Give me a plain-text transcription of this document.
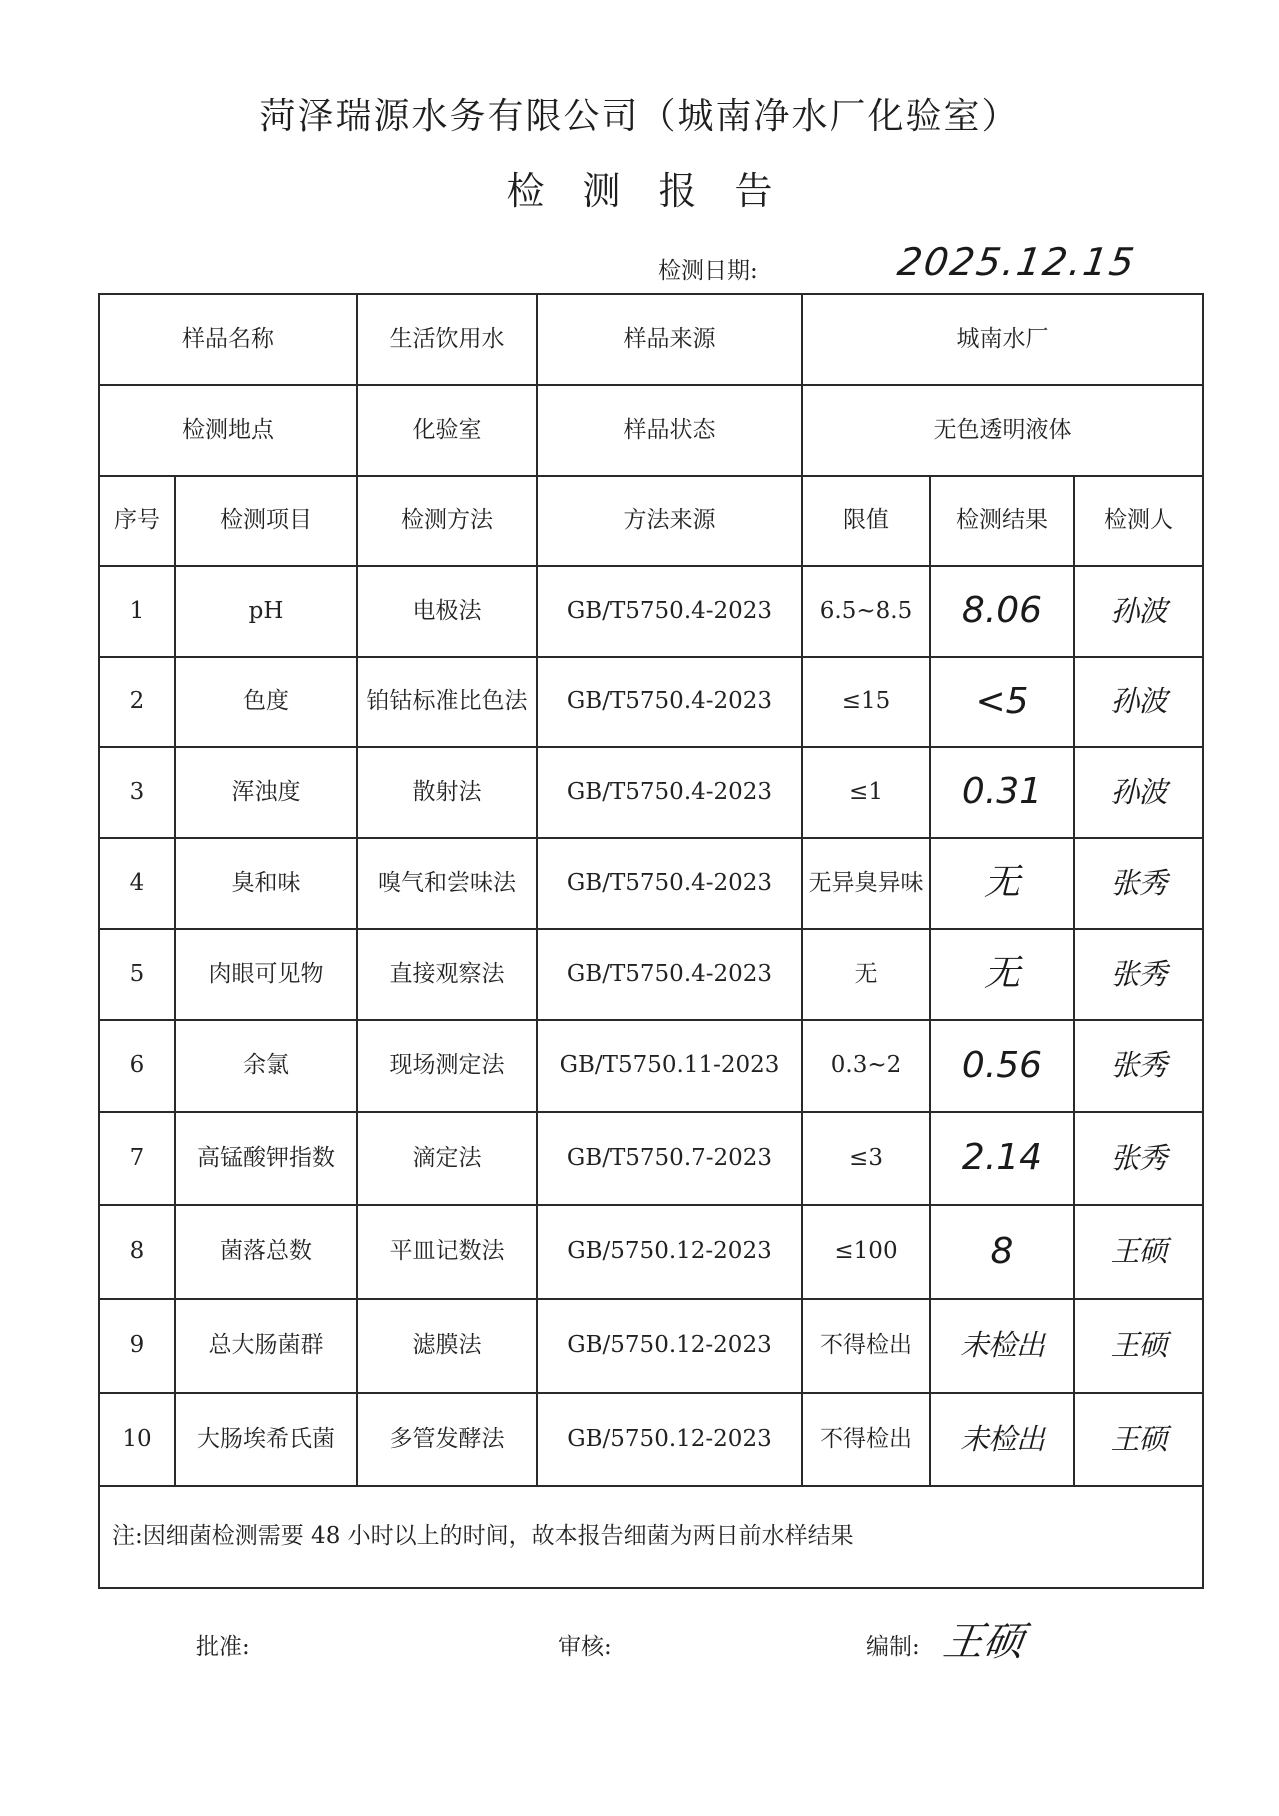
菏泽瑞源水务有限公司（城南净水厂化验室）
检测报告
检测日期:	2025.12.15
样品名称		生活饮用水	样品来源	城南水厂		
检测地点		化验室	样品状态	无色透明液体		
序号	检测项目	检测方法	方法来源	限值	检测结果	检测人
1	pH	电极法	GB/T5750.4-2023	6.5~8.5	8.06	孙波
2	色度	铂钴标准比色法	GB/T5750.4-2023	≤15	<5	孙波
3	浑浊度	散射法	GB/T5750.4-2023	≤1	0.31	孙波
4	臭和味	嗅气和尝味法	GB/T5750.4-2023	无异臭异味	无	张秀
5	肉眼可见物	直接观察法	GB/T5750.4-2023	无	无	张秀
6	余氯	现场测定法	GB/T5750.11-2023	0.3~2	0.56	张秀
7	高锰酸钾指数	滴定法	GB/T5750.7-2023	≤3	2.14	张秀
8	菌落总数	平皿记数法	GB/5750.12-2023	≤100	8	王硕
9	总大肠菌群	滤膜法	GB/5750.12-2023	不得检出	未检出	王硕
10	大肠埃希氏菌	多管发酵法	GB/5750.12-2023	不得检出	未检出	王硕
注:因细菌检测需要 48 小时以上的时间，故本报告细菌为两日前水样结果						
批准:	审核:	编制: 王硕
